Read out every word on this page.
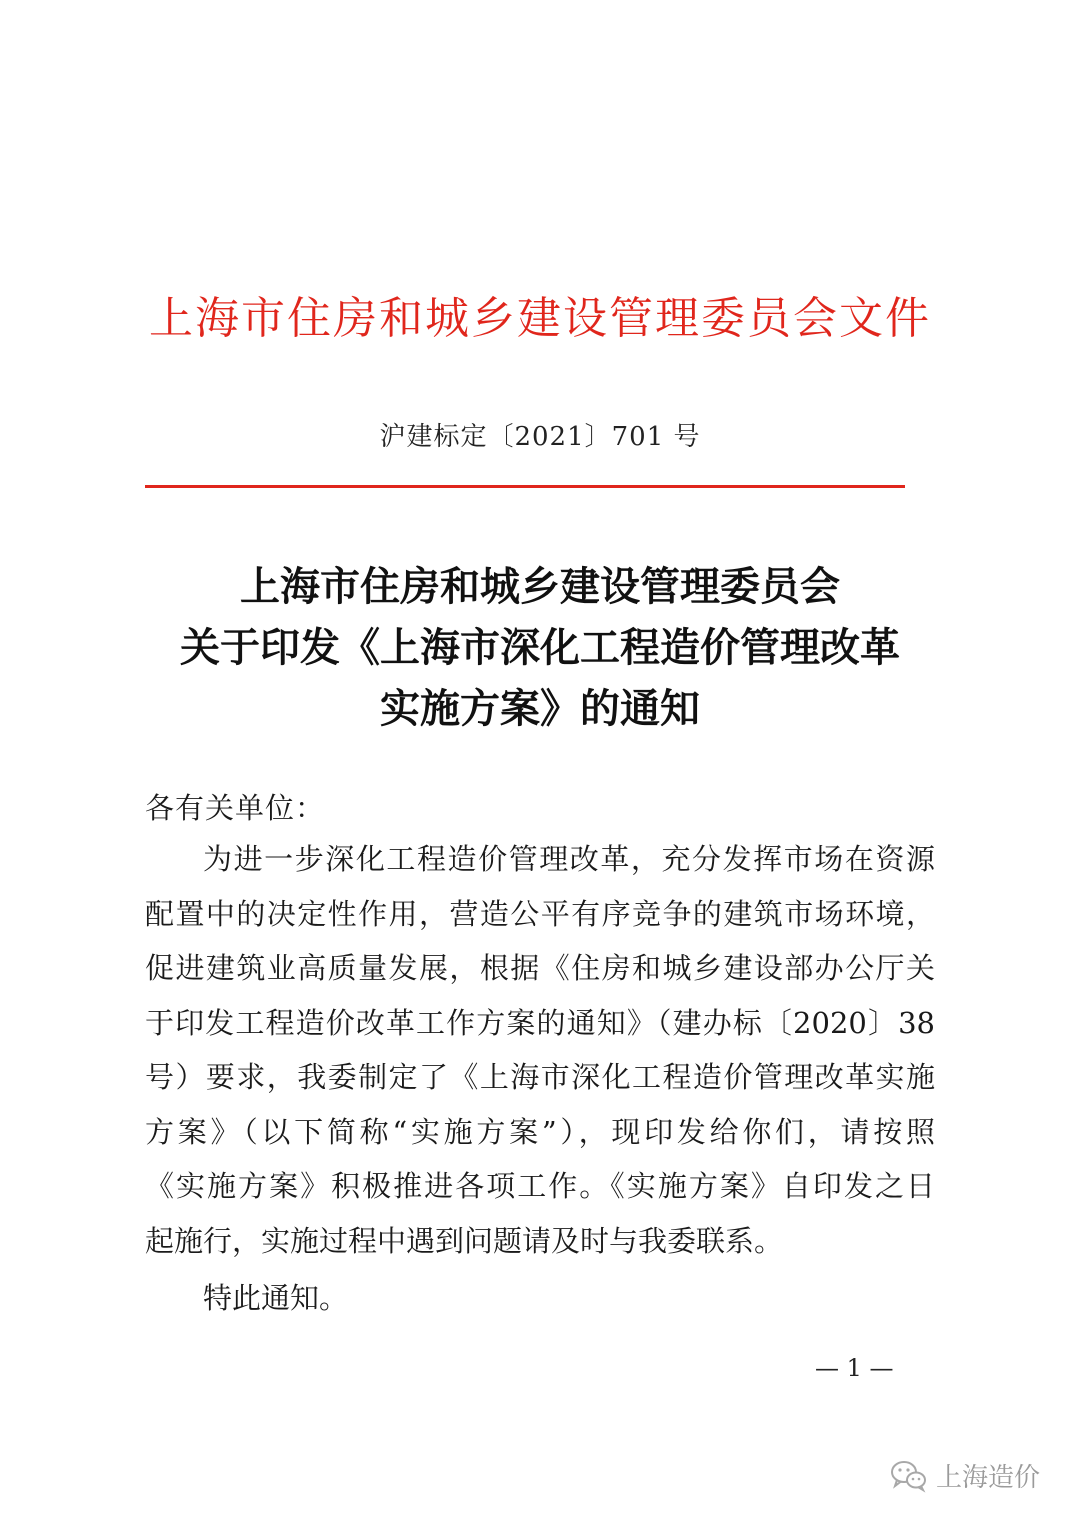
上海市住房和城乡建设管理委员会文件
沪建标定〔2021〕701 号
上海市住房和城乡建设管理委员会
关于印发《上海市深化工程造价管理改革
实施方案》的通知
各有关单位：
为进一步深化工程造价管理改革，充分发挥市场在资源
配置中的决定性作用，营造公平有序竞争的建筑市场环境，
促进建筑业高质量发展，根据《住房和城乡建设部办公厅关
于印发工程造价改革工作方案的通知》（建办标〔2020〕38
号）要求，我委制定了《上海市深化工程造价管理改革实施
方案》（以下简称“实施方案”），现印发给你们，请按照
《实施方案》积极推进各项工作。《实施方案》自印发之日
起施行，实施过程中遇到问题请及时与我委联系。
特此通知。
— 1 —
上海造价
